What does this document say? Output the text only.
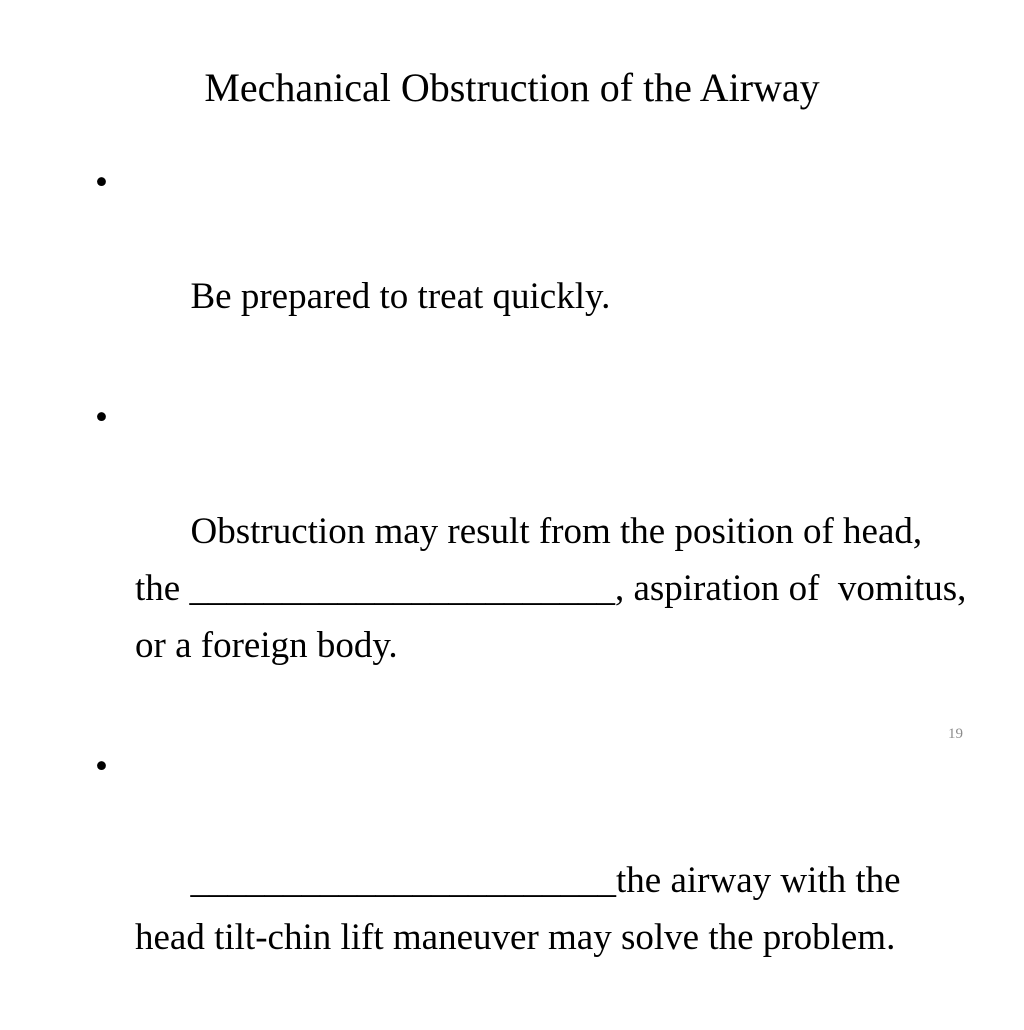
Mechanical Obstruction of the Airway

•

Be prepared to treat quickly.

•

Obstruction may result from the position of head, the _______________________, aspiration of  vomitus, or a foreign body.

•

_______________________the airway with the head tilt-chin lift maneuver may solve the problem.

19
